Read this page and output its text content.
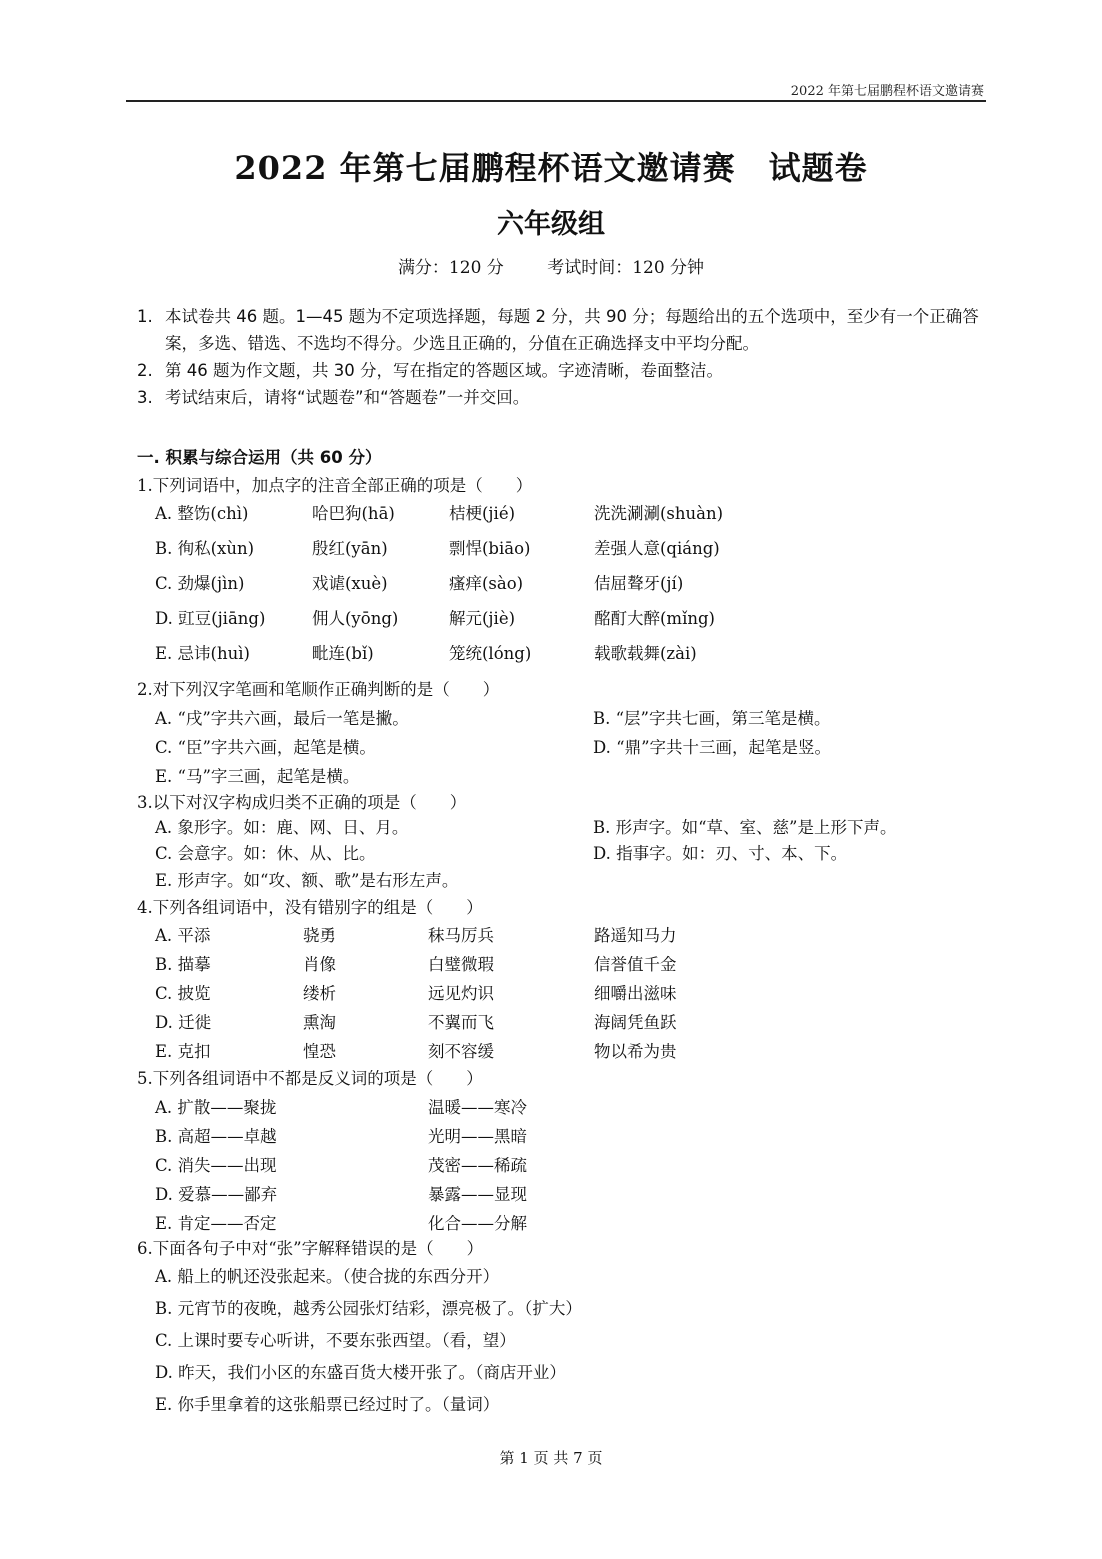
2022 年第七届鹏程杯语文邀请赛
2022 年第七届鹏程杯语文邀请赛　试题卷
六年级组
满分：120 分	考试时间：120 分钟
1. 本试卷共 46 题。1—45 题为不定项选择题，每题 2 分，共 90 分；每题给出的五个选项中，至少有一个正确答案，多选、错选、不选均不得分。少选且正确的，分值在正确选择支中平均分配。
2. 第 46 题为作文题，共 30 分，写在指定的答题区域。字迹清晰，卷面整洁。
3. 考试结束后，请将“试题卷”和“答题卷”一并交回。
一. 积累与综合运用（共 60 分）
1.下列词语中，加点字的注音全部正确的项是（　　）
A. 整饬(chì)	哈巴狗(hā)	桔梗(jié)	洗洗涮涮(shuàn)
B. 徇私(xùn)	殷红(yān)	剽悍(biāo)	差强人意(qiáng)
C. 劲爆(jìn)	戏谑(xuè)	瘙痒(sào)	佶屈聱牙(jí)
D. 豇豆(jiāng)	佣人(yōng)	解元(jiè)	酩酊大醉(mǐng)
E. 忌讳(huì)	毗连(bǐ)	笼统(lóng)	载歌载舞(zài)
2.对下列汉字笔画和笔顺作正确判断的是（　　）
A. “戌”字共六画，最后一笔是撇。	B. “层”字共七画，第三笔是横。
C. “臣”字共六画，起笔是横。	D. “鼎”字共十三画，起笔是竖。
E. “马”字三画，起笔是横。
3.以下对汉字构成归类不正确的项是（　　）
A. 象形字。如：鹿、网、日、月。	B. 形声字。如“草、室、慈”是上形下声。
C. 会意字。如：休、从、比。	D. 指事字。如：刃、寸、本、下。
E. 形声字。如“攻、额、歌”是右形左声。
4.下列各组词语中，没有错别字的组是（　　）
A. 平添	骁勇	秣马厉兵	路遥知马力
B. 描摹	肖像	白璧微瑕	信誉值千金
C. 披览	缕析	远见灼识	细嚼出滋味
D. 迁徙	熏淘	不翼而飞	海阔凭鱼跃
E. 克扣	惶恐	刻不容缓	物以希为贵
5.下列各组词语中不都是反义词的项是（　　）
A. 扩散——聚拢	温暖——寒冷
B. 高超——卓越	光明——黑暗
C. 消失——出现	茂密——稀疏
D. 爱慕——鄙弃	暴露——显现
E. 肯定——否定	化合——分解
6.下面各句子中对“张”字解释错误的是（　　）
A. 船上的帆还没张起来。（使合拢的东西分开）
B. 元宵节的夜晚，越秀公园张灯结彩，漂亮极了。（扩大）
C. 上课时要专心听讲，不要东张西望。（看，望）
D. 昨天，我们小区的东盛百货大楼开张了。（商店开业）
E. 你手里拿着的这张船票已经过时了。（量词）
第 1 页 共 7 页
